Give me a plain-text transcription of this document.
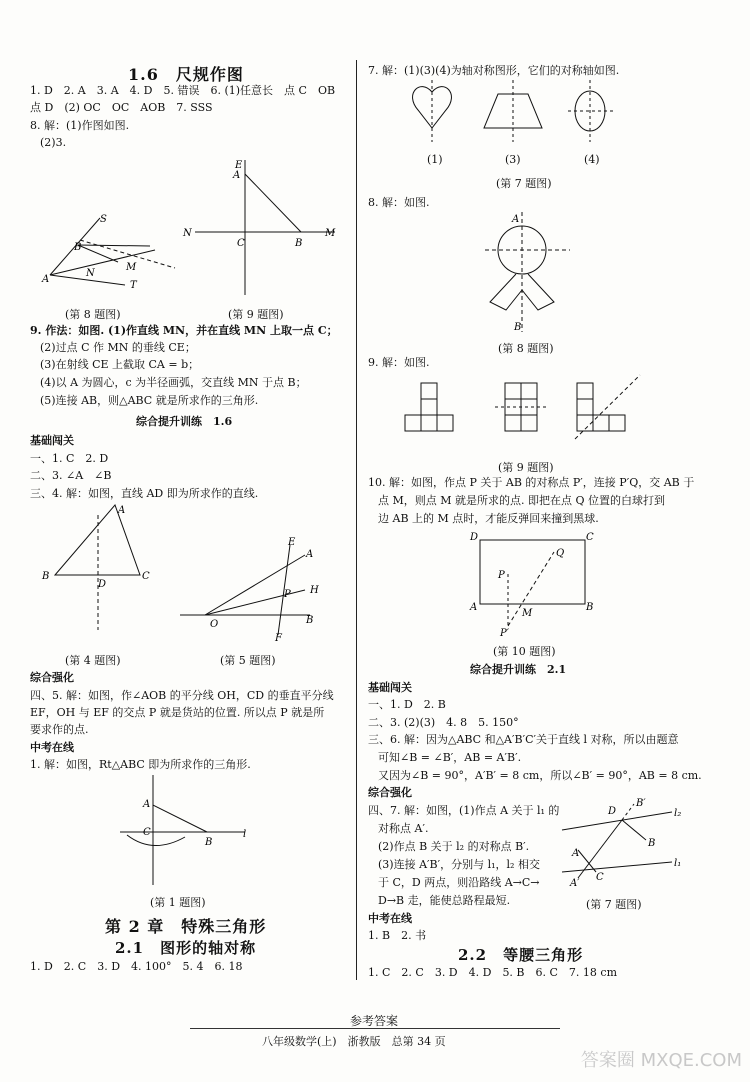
1.6　尺规作图
1. D　2. A　3. A　4. D　5. 错误　6. (1)任意长　点 C　OB
点 D　(2) OC　OC　AOB　7. SSS
8. 解：(1)作图如图.
(2)3.
A
B
S
M
N
T
N	M
E
A
C	B
(第 8 题图)	(第 9 题图)
9. 作法：如图. (1)作直线 MN，并在直线 MN 上取一点 C；
(2)过点 C 作 MN 的垂线 CE；
(3)在射线 CE 上截取 CA = b；
(4)以 A 为圆心，c 为半径画弧，交直线 MN 于点 B；
(5)连接 AB，则△ABC 就是所求作的三角形.
综合提升训练　1.6
基础闯关
一、1. C　2. D
二、3. ∠A　∠B
三、4. 解：如图，直线 AD 即为所求作的直线.
B
A
C
D
O
A
B
E
F
P H
(第 4 题图)	(第 5 题图)
综合强化
四、5. 解：如图，作∠AOB 的平分线 OH，CD 的垂直平分线
EF，OH 与 EF 的交点 P 就是货站的位置. 所以点 P 就是所
要求作的点.
中考在线
1. 解：如图，Rt△ABC 即为所求作的三角形.
A
C
B
l
(第 1 题图)
第 2 章　特殊三角形
2.1　图形的轴对称
1. D　2. C　3. D　4. 100°　5. 4　6. 18
7. 解：(1)(3)(4)为轴对称图形，它们的对称轴如图.
(1)	(3)	(4)
(第 7 题图)
8. 解：如图.
A
B
(第 8 题图)
9. 解：如图.
(第 9 题图)
10. 解：如图，作点 P 关于 AB 的对称点 P′，连接 P′Q，交 AB 于
点 M，则点 M 就是所求的点. 即把在点 Q 位置的白球打到
边 AB 上的 M 点时，才能反弹回来撞到黑球.
D	C
A	B
P
Q
M
P′
(第 10 题图)
综合提升训练　2.1
基础闯关
一、1. D　2. B
二、3. (2)(3)　4. 8　5. 150°
三、6. 解：因为△ABC 和△A′B′C′关于直线 l 对称，所以由题意
可知∠B = ∠B′，AB = A′B′.
又因为∠B = 90°，A′B′ = 8 cm，所以∠B′ = 90°，AB = 8 cm.
综合强化
四、7. 解：如图，(1)作点 A 关于 l₁ 的
对称点 A′.
(2)作点 B 关于 l₂ 的对称点 B′.
(3)连接 A′B′，分别与 l₁，l₂ 相交
于 C，D 两点，则沿路线 A→C→
D→B 走，能使总路程最短.
D
B′
B
l₂
l₁
A
C
A′
(第 7 题图)
中考在线
1. B　2. 书
2.2　等腰三角形
1. C　2. C　3. D　4. D　5. B　6. C　7. 18 cm
参考答案
八年级数学(上)　浙教版　总第 34 页
答案圈 MXQE.COM
